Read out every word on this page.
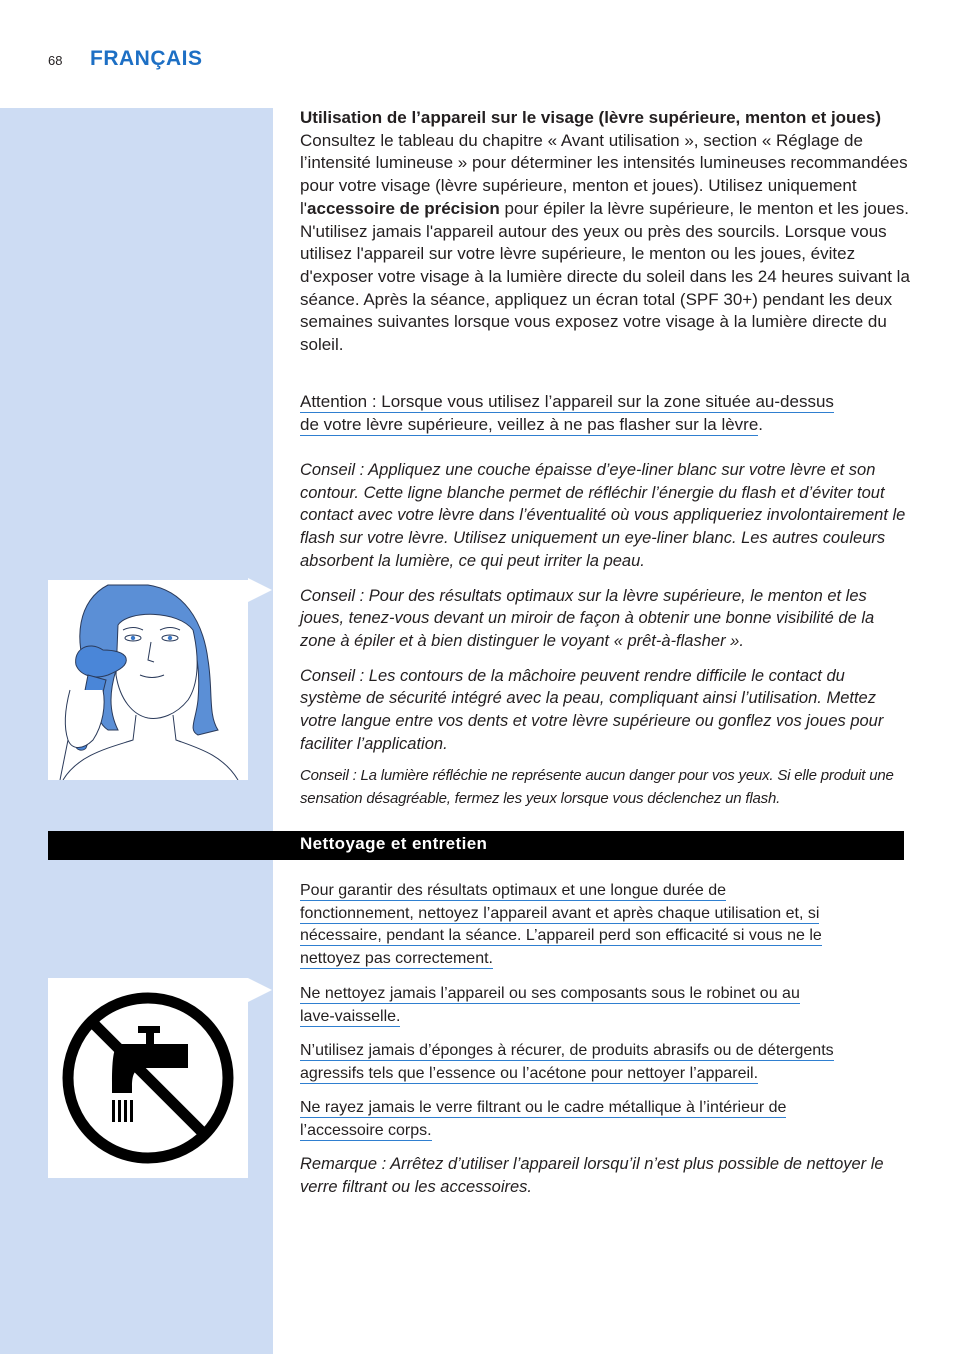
68 FRANÇAIS

Utilisation de l’appareil sur le visage (lèvre supérieure, menton et joues)

Consultez le tableau du chapitre « Avant utilisation », section « Réglage de l’intensité lumineuse » pour déterminer les intensités lumineuses recommandées pour votre visage (lèvre supérieure, menton et joues). Utilisez uniquement l'accessoire de précision pour épiler la lèvre supérieure, le menton et les joues. N'utilisez jamais l'appareil autour des yeux ou près des sourcils. Lorsque vous utilisez l'appareil sur votre lèvre supérieure, le menton ou les joues, évitez d'exposer votre visage à la lumière directe du soleil dans les 24 heures suivant la séance. Après la séance, appliquez un écran total (SPF 30+) pendant les deux semaines suivantes lorsque vous exposez votre visage à la lumière directe du soleil.

Attention : Lorsque vous utilisez l’appareil sur la zone située au-dessus

de votre lèvre supérieure, veillez à ne pas flasher sur la lèvre.

Conseil : Appliquez une couche épaisse d’eye-liner blanc sur votre lèvre et son contour. Cette ligne blanche permet de réfléchir l’énergie du flash et d’éviter tout contact avec votre lèvre dans l’éventualité où vous appliqueriez involontairement le flash sur votre lèvre. Utilisez uniquement un eye-liner blanc. Les autres couleurs absorbent la lumière, ce qui peut irriter la peau.

Conseil : Pour des résultats optimaux sur la lèvre supérieure, le menton et les joues, tenez-vous devant un miroir de façon à obtenir une bonne visibilité de la zone à épiler et à bien distinguer le voyant « prêt-à-flasher ».

Conseil : Les contours de la mâchoire peuvent rendre difficile le contact du système de sécurité intégré avec la peau, compliquant ainsi l’utilisation. Mettez votre langue entre vos dents et votre lèvre supérieure ou gonflez vos joues pour faciliter l’application.

Conseil : La lumière réfléchie ne représente aucun danger pour vos yeux. Si elle produit une sensation désagréable, fermez les yeux lorsque vous déclenchez un flash.

Nettoyage et entretien

Pour garantir des résultats optimaux et une longue durée de

fonctionnement, nettoyez l’appareil avant et après chaque utilisation et, si

nécessaire, pendant la séance. L’appareil perd son efficacité si vous ne le

nettoyez pas correctement.

Ne nettoyez jamais l’appareil ou ses composants sous le robinet ou au

lave-vaisselle.

N’utilisez jamais d’éponges à récurer, de produits abrasifs ou de détergents

agressifs tels que l’essence ou l’acétone pour nettoyer l’appareil.

Ne rayez jamais le verre filtrant ou le cadre métallique à l’intérieur de

l’accessoire corps.

Remarque : Arrêtez d’utiliser l’appareil lorsqu’il n’est plus possible de nettoyer le verre filtrant ou les accessoires.
